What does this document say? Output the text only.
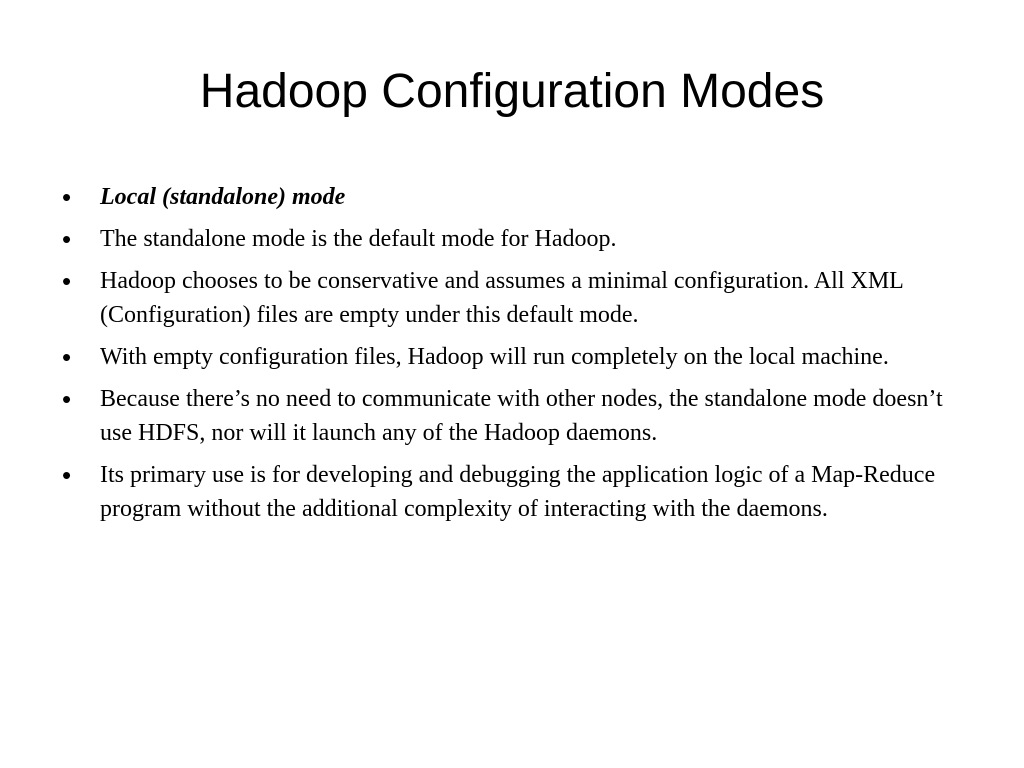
Hadoop Configuration Modes
• Local (standalone) mode
• The standalone mode is the default mode for Hadoop.
• Hadoop chooses to be conservative and assumes a minimal configuration. All XML (Configuration) files are empty under this default mode.
• With empty configuration files, Hadoop will run completely on the local machine.
• Because there’s no need to communicate with other nodes, the standalone mode doesn’t use HDFS, nor will it launch any of the Hadoop daemons.
• Its primary use is for developing and debugging the application logic of a Map-Reduce program without the additional complexity of interacting with the daemons.
